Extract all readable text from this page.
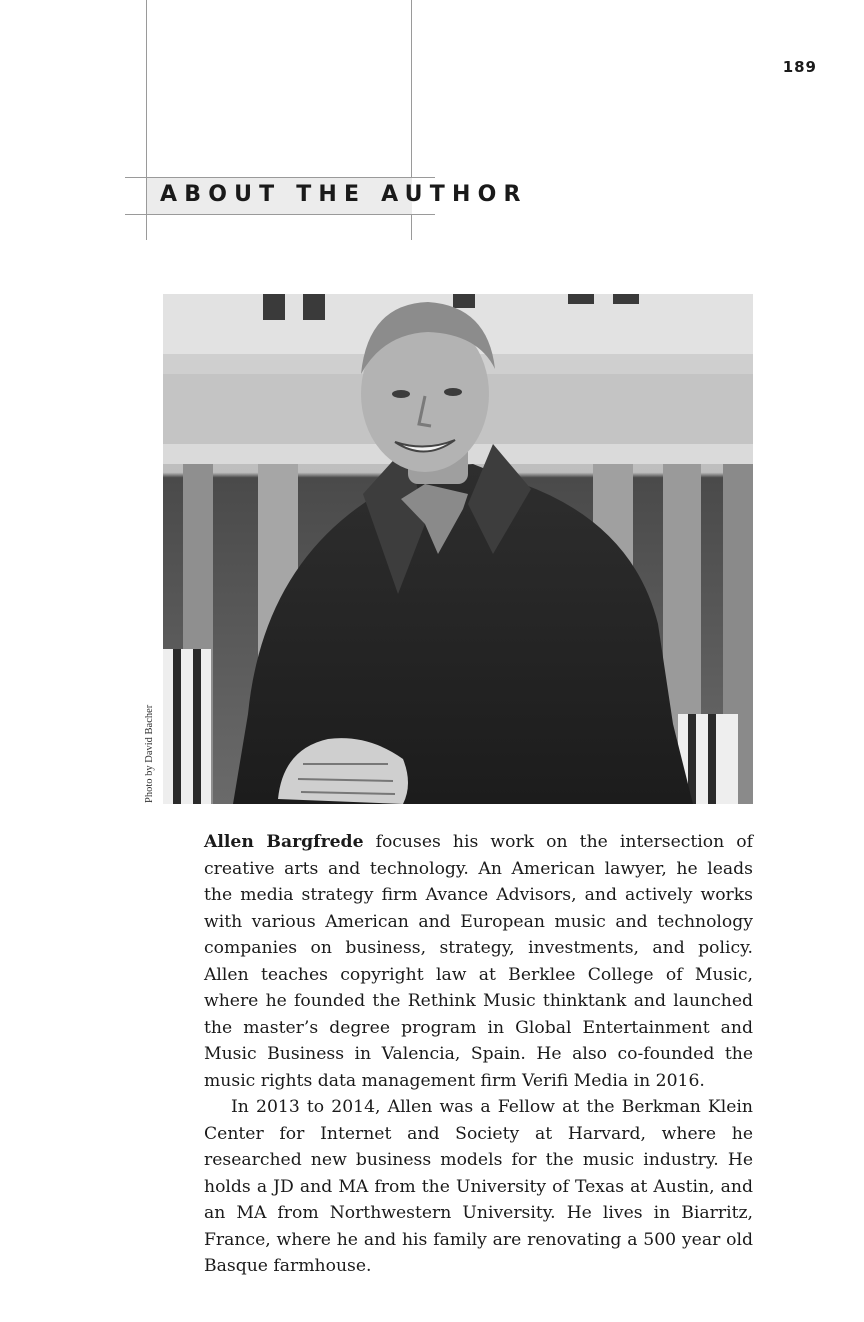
ABOUT THE AUTHOR
189
Photo by David Bacher

Allen Bargfrede focuses his work on the intersection of creative arts and technology. An American lawyer, he leads the media strategy firm Avance Advisors, and actively works with various American and European music and technology companies on business, strategy, investments, and policy. Allen teaches copyright law at Berklee College of Music, where he founded the Rethink Music thinktank and launched the master’s degree program in Global Entertainment and Music Business in Valencia, Spain. He also co-founded the music rights data management firm Verifi Media in 2016.

In 2013 to 2014, Allen was a Fellow at the Berkman Klein Center for Internet and Society at Harvard, where he researched new business models for the music industry. He holds a JD and MA from the University of Texas at Austin, and an MA from Northwestern University. He lives in Biarritz, France, where he and his family are renovating a 500 year old Basque farmhouse.
